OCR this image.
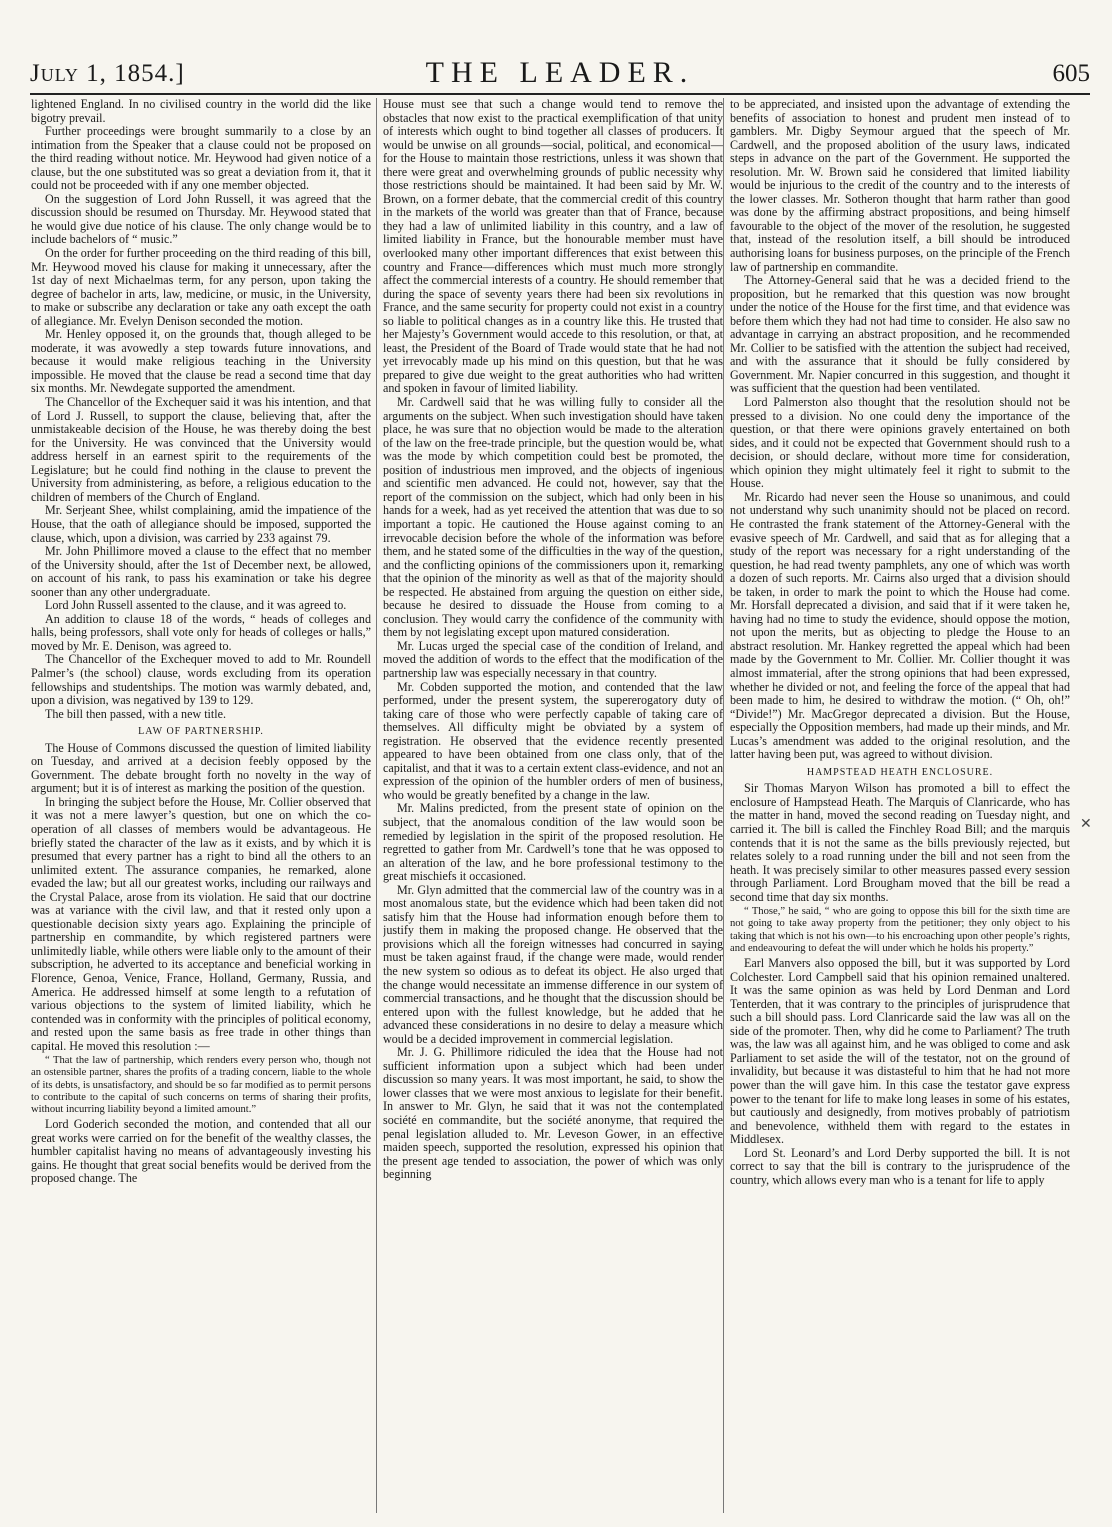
July 1, 1854.]	THE LEADER.	605

lightened England. In no civilised country in the world did the like bigotry prevail.

Further proceedings were brought summarily to a close by an intimation from the Speaker that a clause could not be proposed on the third reading without notice. Mr. Heywood had given notice of a clause, but the one substituted was so great a deviation from it, that it could not be proceeded with if any one member objected.

On the suggestion of Lord John Russell, it was agreed that the discussion should be resumed on Thursday. Mr. Heywood stated that he would give due notice of his clause. The only change would be to include bachelors of “ music.”

On the order for further proceeding on the third reading of this bill, Mr. Heywood moved his clause for making it unnecessary, after the 1st day of next Michaelmas term, for any person, upon taking the degree of bachelor in arts, law, medicine, or music, in the University, to make or subscribe any declaration or take any oath except the oath of allegiance. Mr. Evelyn Denison seconded the motion.

Mr. Henley opposed it, on the grounds that, though alleged to be moderate, it was avowedly a step towards future innovations, and because it would make religious teaching in the University impossible. He moved that the clause be read a second time that day six months. Mr. Newdegate supported the amendment.

The Chancellor of the Exchequer said it was his intention, and that of Lord J. Russell, to support the clause, believing that, after the unmistakeable decision of the House, he was thereby doing the best for the University. He was convinced that the University would address herself in an earnest spirit to the requirements of the Legislature; but he could find nothing in the clause to prevent the University from administering, as before, a religious education to the children of members of the Church of England.

Mr. Serjeant Shee, whilst complaining, amid the impatience of the House, that the oath of allegiance should be imposed, supported the clause, which, upon a division, was carried by 233 against 79.

Mr. John Phillimore moved a clause to the effect that no member of the University should, after the 1st of December next, be allowed, on account of his rank, to pass his examination or take his degree sooner than any other undergraduate.

Lord John Russell assented to the clause, and it was agreed to.

An addition to clause 18 of the words, “ heads of colleges and halls, being professors, shall vote only for heads of colleges or halls,” moved by Mr. E. Denison, was agreed to.

The Chancellor of the Exchequer moved to add to Mr. Roundell Palmer’s (the school) clause, words excluding from its operation fellowships and studentships. The motion was warmly debated, and, upon a division, was negatived by 139 to 129.

The bill then passed, with a new title.

LAW OF PARTNERSHIP.

The House of Commons discussed the question of limited liability on Tuesday, and arrived at a decision feebly opposed by the Government. The debate brought forth no novelty in the way of argument; but it is of interest as marking the position of the question.

In bringing the subject before the House, Mr. Collier observed that it was not a mere lawyer’s question, but one on which the co-operation of all classes of members would be advantageous. He briefly stated the character of the law as it exists, and by which it is presumed that every partner has a right to bind all the others to an unlimited extent. The assurance companies, he remarked, alone evaded the law; but all our greatest works, including our railways and the Crystal Palace, arose from its violation. He said that our doctrine was at variance with the civil law, and that it rested only upon a questionable decision sixty years ago. Explaining the principle of partnership en commandite, by which registered partners were unlimitedly liable, while others were liable only to the amount of their subscription, he adverted to its acceptance and beneficial working in Florence, Genoa, Venice, France, Holland, Germany, Russia, and America. He addressed himself at some length to a refutation of various objections to the system of limited liability, which he contended was in conformity with the principles of political economy, and rested upon the same basis as free trade in other things than capital. He moved this resolution :—

“ That the law of partnership, which renders every person who, though not an ostensible partner, shares the profits of a trading concern, liable to the whole of its debts, is unsatisfactory, and should be so far modified as to permit persons to contribute to the capital of such concerns on terms of sharing their profits, without incurring liability beyond a limited amount.”

Lord Goderich seconded the motion, and contended that all our great works were carried on for the benefit of the wealthy classes, the humbler capitalist having no means of advantageously investing his gains. He thought that great social benefits would be derived from the proposed change. The

House must see that such a change would tend to remove the obstacles that now exist to the practical exemplification of that unity of interests which ought to bind together all classes of producers. It would be unwise on all grounds—social, political, and economical—for the House to maintain those restrictions, unless it was shown that there were great and overwhelming grounds of public necessity why those restrictions should be maintained. It had been said by Mr. W. Brown, on a former debate, that the commercial credit of this country in the markets of the world was greater than that of France, because they had a law of unlimited liability in this country, and a law of limited liability in France, but the honourable member must have overlooked many other important differences that exist between this country and France—differences which must much more strongly affect the commercial interests of a country. He should remember that during the space of seventy years there had been six revolutions in France, and the same security for property could not exist in a country so liable to political changes as in a country like this. He trusted that her Majesty’s Government would accede to this resolution, or that, at least, the President of the Board of Trade would state that he had not yet irrevocably made up his mind on this question, but that he was prepared to give due weight to the great authorities who had written and spoken in favour of limited liability.

Mr. Cardwell said that he was willing fully to consider all the arguments on the subject. When such investigation should have taken place, he was sure that no objection would be made to the alteration of the law on the free-trade principle, but the question would be, what was the mode by which competition could best be promoted, the position of industrious men improved, and the objects of ingenious and scientific men advanced. He could not, however, say that the report of the commission on the subject, which had only been in his hands for a week, had as yet received the attention that was due to so important a topic. He cautioned the House against coming to an irrevocable decision before the whole of the information was before them, and he stated some of the difficulties in the way of the question, and the conflicting opinions of the commissioners upon it, remarking that the opinion of the minority as well as that of the majority should be respected. He abstained from arguing the question on either side, because he desired to dissuade the House from coming to a conclusion. They would carry the confidence of the community with them by not legislating except upon matured consideration.

Mr. Lucas urged the special case of the condition of Ireland, and moved the addition of words to the effect that the modification of the partnership law was especially necessary in that country.

Mr. Cobden supported the motion, and contended that the law performed, under the present system, the supererogatory duty of taking care of those who were perfectly capable of taking care of themselves. All difficulty might be obviated by a system of registration. He observed that the evidence recently presented appeared to have been obtained from one class only, that of the capitalist, and that it was to a certain extent class-evidence, and not an expression of the opinion of the humbler orders of men of business, who would be greatly benefited by a change in the law.

Mr. Malins predicted, from the present state of opinion on the subject, that the anomalous condition of the law would soon be remedied by legislation in the spirit of the proposed resolution. He regretted to gather from Mr. Cardwell’s tone that he was opposed to an alteration of the law, and he bore professional testimony to the great mischiefs it occasioned.

Mr. Glyn admitted that the commercial law of the country was in a most anomalous state, but the evidence which had been taken did not satisfy him that the House had information enough before them to justify them in making the proposed change. He observed that the provisions which all the foreign witnesses had concurred in saying must be taken against fraud, if the change were made, would render the new system so odious as to defeat its object. He also urged that the change would necessitate an immense difference in our system of commercial transactions, and he thought that the discussion should be entered upon with the fullest knowledge, but he added that he advanced these considerations in no desire to delay a measure which would be a decided improvement in commercial legislation.

Mr. J. G. Phillimore ridiculed the idea that the House had not sufficient information upon a subject which had been under discussion so many years. It was most important, he said, to show the lower classes that we were most anxious to legislate for their benefit. In answer to Mr. Glyn, he said that it was not the contemplated société en commandite, but the société anonyme, that required the penal legislation alluded to. Mr. Leveson Gower, in an effective maiden speech, supported the resolution, expressed his opinion that the present age tended to association, the power of which was only beginning

to be appreciated, and insisted upon the advantage of extending the benefits of association to honest and prudent men instead of to gamblers. Mr. Digby Seymour argued that the speech of Mr. Cardwell, and the proposed abolition of the usury laws, indicated steps in advance on the part of the Government. He supported the resolution. Mr. W. Brown said he considered that limited liability would be injurious to the credit of the country and to the interests of the lower classes. Mr. Sotheron thought that harm rather than good was done by the affirming abstract propositions, and being himself favourable to the object of the mover of the resolution, he suggested that, instead of the resolution itself, a bill should be introduced authorising loans for business purposes, on the principle of the French law of partnership en commandite.

The Attorney-General said that he was a decided friend to the proposition, but he remarked that this question was now brought under the notice of the House for the first time, and that evidence was before them which they had not had time to consider. He also saw no advantage in carrying an abstract proposition, and he recommended Mr. Collier to be satisfied with the attention the subject had received, and with the assurance that it should be fully considered by Government. Mr. Napier concurred in this suggestion, and thought it was sufficient that the question had been ventilated.

Lord Palmerston also thought that the resolution should not be pressed to a division. No one could deny the importance of the question, or that there were opinions gravely entertained on both sides, and it could not be expected that Government should rush to a decision, or should declare, without more time for consideration, which opinion they might ultimately feel it right to submit to the House.

Mr. Ricardo had never seen the House so unanimous, and could not understand why such unanimity should not be placed on record. He contrasted the frank statement of the Attorney-General with the evasive speech of Mr. Cardwell, and said that as for alleging that a study of the report was necessary for a right understanding of the question, he had read twenty pamphlets, any one of which was worth a dozen of such reports. Mr. Cairns also urged that a division should be taken, in order to mark the point to which the House had come. Mr. Horsfall deprecated a division, and said that if it were taken he, having had no time to study the evidence, should oppose the motion, not upon the merits, but as objecting to pledge the House to an abstract resolution. Mr. Hankey regretted the appeal which had been made by the Government to Mr. Collier. Mr. Collier thought it was almost immaterial, after the strong opinions that had been expressed, whether he divided or not, and feeling the force of the appeal that had been made to him, he desired to withdraw the motion. (“ Oh, oh!” “Divide!”) Mr. MacGregor deprecated a division. But the House, especially the Opposition members, had made up their minds, and Mr. Lucas’s amendment was added to the original resolution, and the latter having been put, was agreed to without division.

HAMPSTEAD HEATH ENCLOSURE.

Sir Thomas Maryon Wilson has promoted a bill to effect the enclosure of Hampstead Heath. The Marquis of Clanricarde, who has the matter in hand, moved the second reading on Tuesday night, and carried it. The bill is called the Finchley Road Bill; and the marquis contends that it is not the same as the bills previously rejected, but relates solely to a road running under the bill and not seen from the heath. It was precisely similar to other measures passed every session through Parliament. Lord Brougham moved that the bill be read a second time that day six months.

“ Those,” he said, “ who are going to oppose this bill for the sixth time are not going to take away property from the petitioner; they only object to his taking that which is not his own—to his encroaching upon other people’s rights, and endeavouring to defeat the will under which he holds his property.”

Earl Manvers also opposed the bill, but it was supported by Lord Colchester. Lord Campbell said that his opinion remained unaltered. It was the same opinion as was held by Lord Denman and Lord Tenterden, that it was contrary to the principles of jurisprudence that such a bill should pass. Lord Clanricarde said the law was all on the side of the promoter. Then, why did he come to Parliament? The truth was, the law was all against him, and he was obliged to come and ask Parliament to set aside the will of the testator, not on the ground of invalidity, but because it was distasteful to him that he had not more power than the will gave him. In this case the testator gave express power to the tenant for life to make long leases in some of his estates, but cautiously and designedly, from motives probably of patriotism and benevolence, withheld them with regard to the estates in Middlesex.

Lord St. Leonard’s and Lord Derby supported the bill. It is not correct to say that the bill is contrary to the jurisprudence of the country, which allows every man who is a tenant for life to apply

✕
